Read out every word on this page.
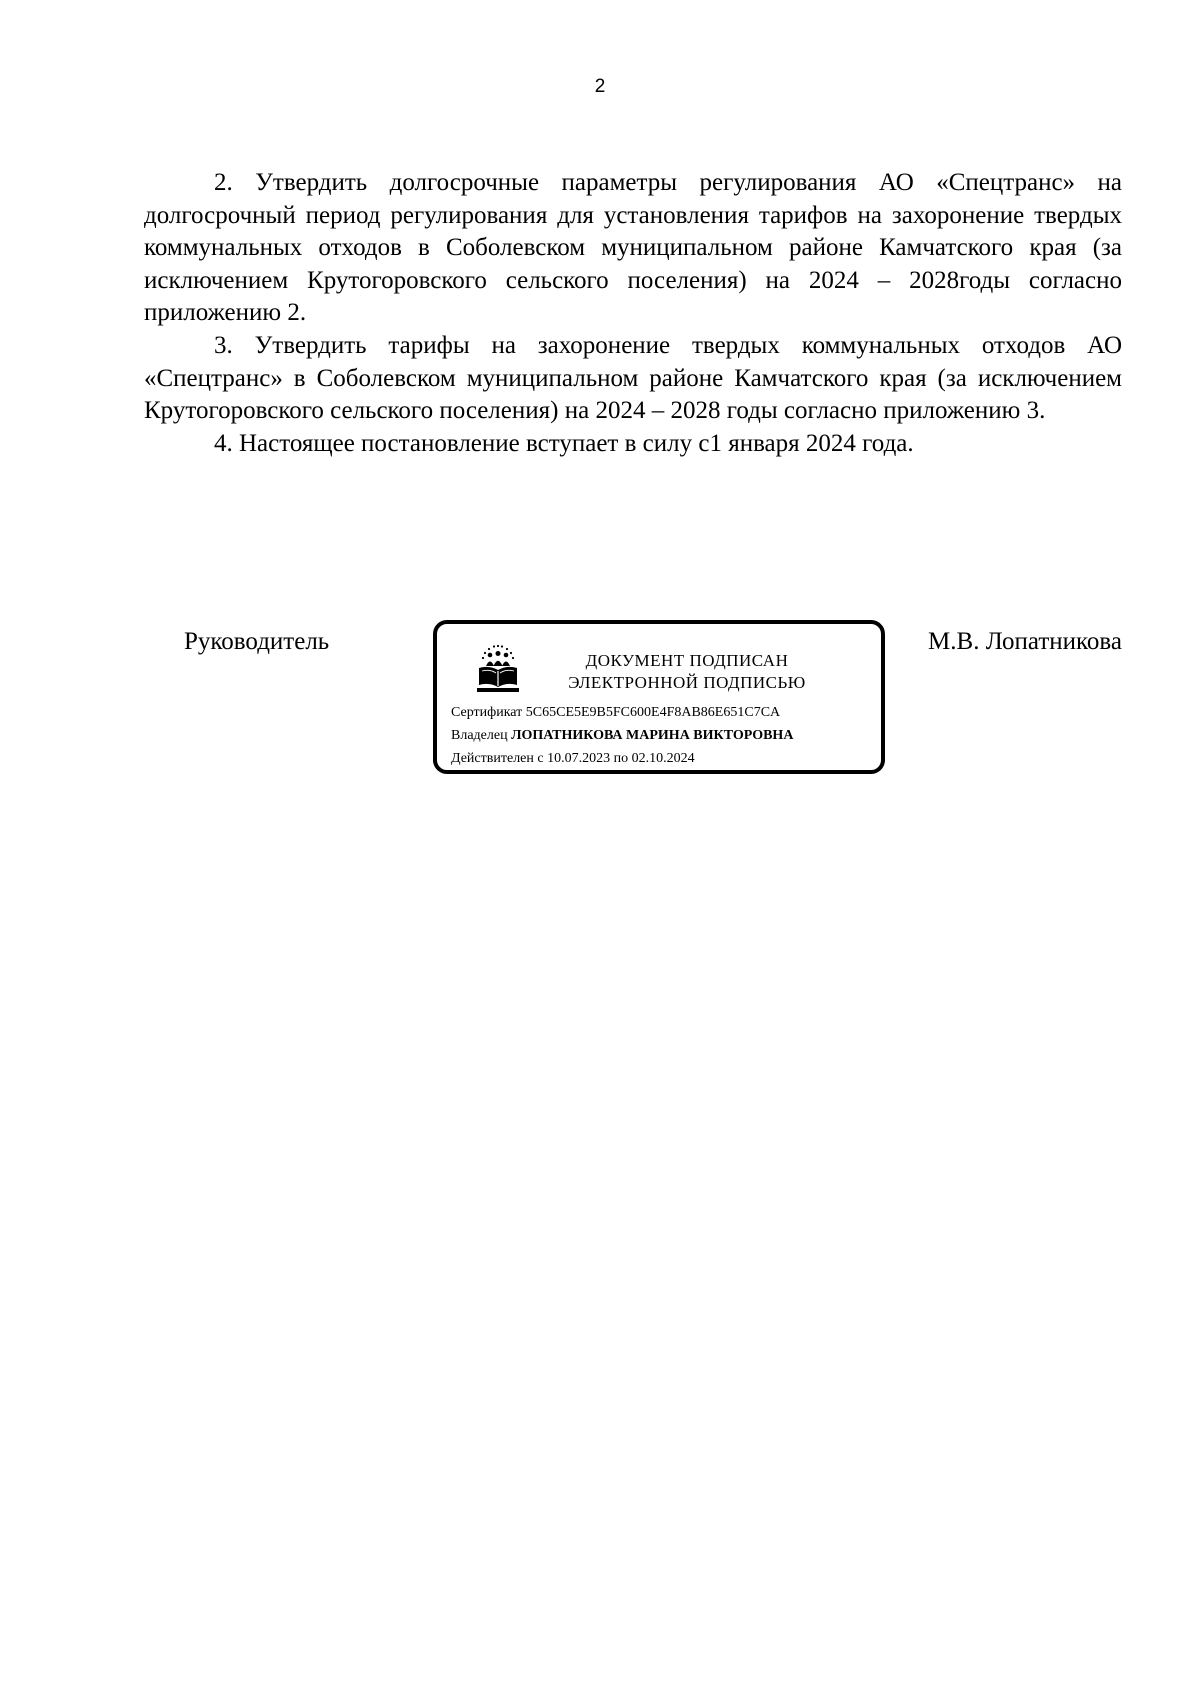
2

2. Утвердить долгосрочные параметры регулирования АО «Спецтранс» на долгосрочный период регулирования для установления тарифов на захоронение твердых коммунальных отходов в Соболевском муниципальном районе Камчатского края (за исключением Крутогоровского сельского поселения) на 2024 – 2028годы согласно приложению 2.

3. Утвердить тарифы на захоронение твердых коммунальных отходов АО «Спецтранс» в Соболевском муниципальном районе Камчатского края (за исключением Крутогоровского сельского поселения) на 2024 – 2028 годы согласно приложению 3.

4. Настоящее постановление вступает в силу с1 января 2024 года.

Руководитель
ДОКУМЕНТ ПОДПИСАН
ЭЛЕКТРОННОЙ ПОДПИСЬЮ
Сертификат 5C65CE5E9B5FC600E4F8AB86E651C7CA
Владелец ЛОПАТНИКОВА МАРИНА ВИКТОРОВНА
Действителен с 10.07.2023 по 02.10.2024
М.В. Лопатникова
